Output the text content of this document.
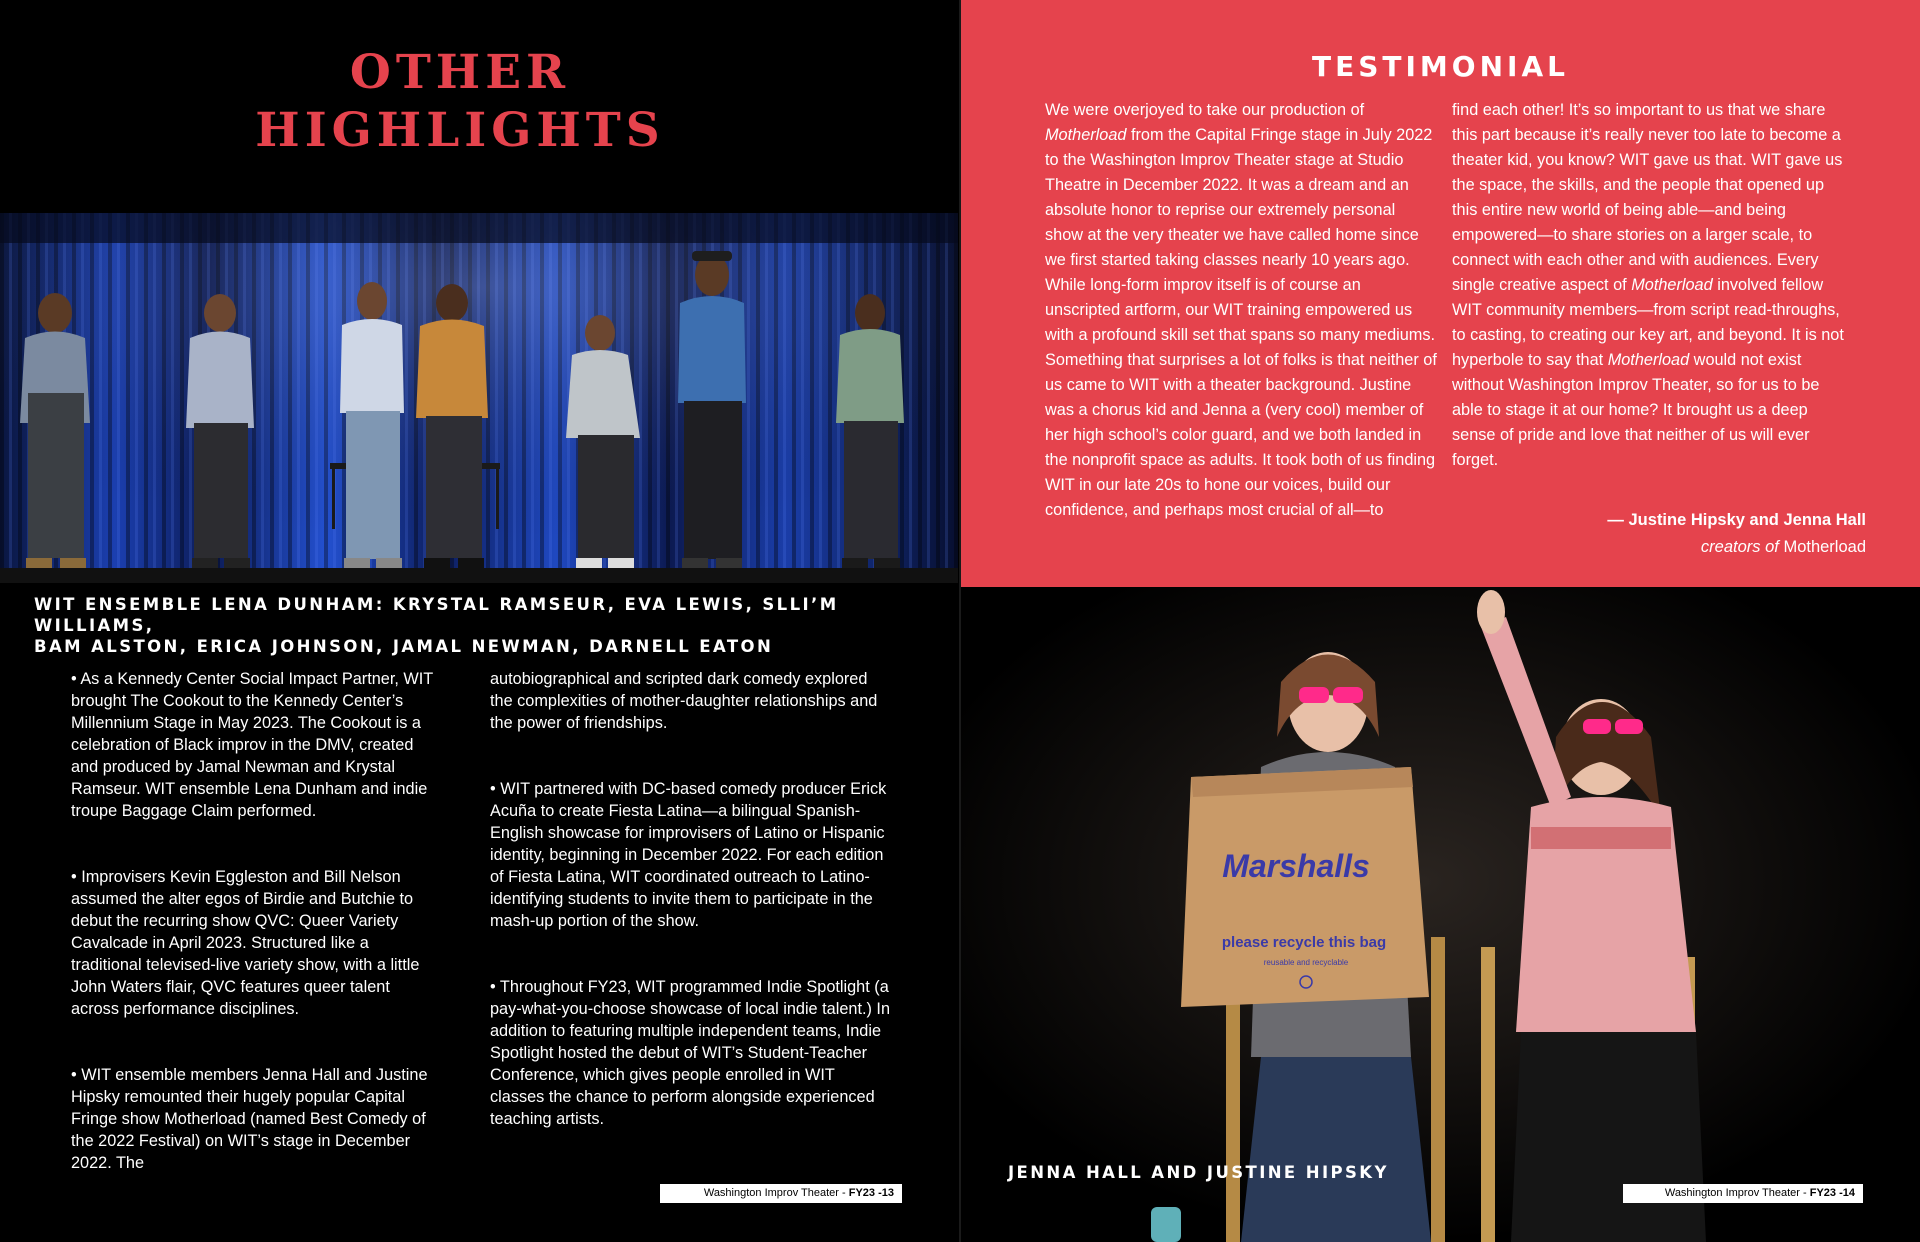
OTHER
HIGHLIGHTS
WIT ENSEMBLE LENA DUNHAM: KRYSTAL RAMSEUR, EVA LEWIS, SLLI’M WILLIAMS,
BAM ALSTON, ERICA JOHNSON, JAMAL NEWMAN, DARNELL EATON

• As a Kennedy Center Social Impact Partner, WIT brought The Cookout to the Kennedy Center’s Millennium Stage in May 2023. The Cookout is a celebration of Black improv in the DMV, created and produced by Jamal Newman and Krystal Ramseur. WIT ensemble Lena Dunham and indie troupe Baggage Claim performed.

• Improvisers Kevin Eggleston and Bill Nelson assumed the alter egos of Birdie and Butchie to debut the recurring show QVC: Queer Variety Cavalcade in April 2023. Structured like a traditional televised-live variety show, with a little John Waters flair, QVC features queer talent across performance disciplines.

• WIT ensemble members Jenna Hall and Justine Hipsky remounted their hugely popular Capital Fringe show Motherload (named Best Comedy of the 2022 Festival) on WIT’s stage in December 2022. The

autobiographical and scripted dark comedy explored the complexities of mother-daughter relationships and the power of friendships.

• WIT partnered with DC-based comedy producer Erick Acuña to create Fiesta Latina—a bilingual Spanish-English showcase for improvisers of Latino or Hispanic identity, beginning in December 2022. For each edition of Fiesta Latina, WIT coordinated outreach to Latino-identifying students to invite them to participate in the mash-up portion of the show.

• Throughout FY23, WIT programmed Indie Spotlight (a pay-what-you-choose showcase of local indie talent.) In addition to featuring multiple independent teams, Indie Spotlight hosted the debut of WIT’s Student-Teacher Conference, which gives people enrolled in WIT classes the chance to perform alongside experienced teaching artists.

Washington Improv Theater - FY23 -13
TESTIMONIAL

We were overjoyed to take our production of Motherload from the Capital Fringe stage in July 2022 to the Washington Improv Theater stage at Studio Theatre in December 2022. It was a dream and an absolute honor to reprise our extremely personal show at the very theater we have called home since we first started taking classes nearly 10 years ago. While long-form improv itself is of course an unscripted artform, our WIT training empowered us with a profound skill set that spans so many mediums. Something that surprises a lot of folks is that neither of us came to WIT with a theater background. Justine was a chorus kid and Jenna a (very cool) member of her high school’s color guard, and we both landed in the nonprofit space as adults. It took both of us finding WIT in our late 20s to hone our voices, build our confidence, and perhaps most crucial of all—to

find each other! It’s so important to us that we share this part because it’s really never too late to become a theater kid, you know? WIT gave us that. WIT gave us the space, the skills, and the people that opened up this entire new world of being able—and being empowered—to share stories on a larger scale, to connect with each other and with audiences. Every single creative aspect of Motherload involved fellow WIT community members—from script read-throughs, to casting, to creating our key art, and beyond. It is not hyperbole to say that Motherload would not exist without Washington Improv Theater, so for us to be able to stage it at our home? It brought us a deep sense of pride and love that neither of us will ever forget.

— Justine Hipsky and Jenna Hall
creators of Motherload
Marshalls
please recycle this bag
reusable and recyclable
JENNA HALL AND JUSTINE HIPSKY
Washington Improv Theater - FY23 -14
